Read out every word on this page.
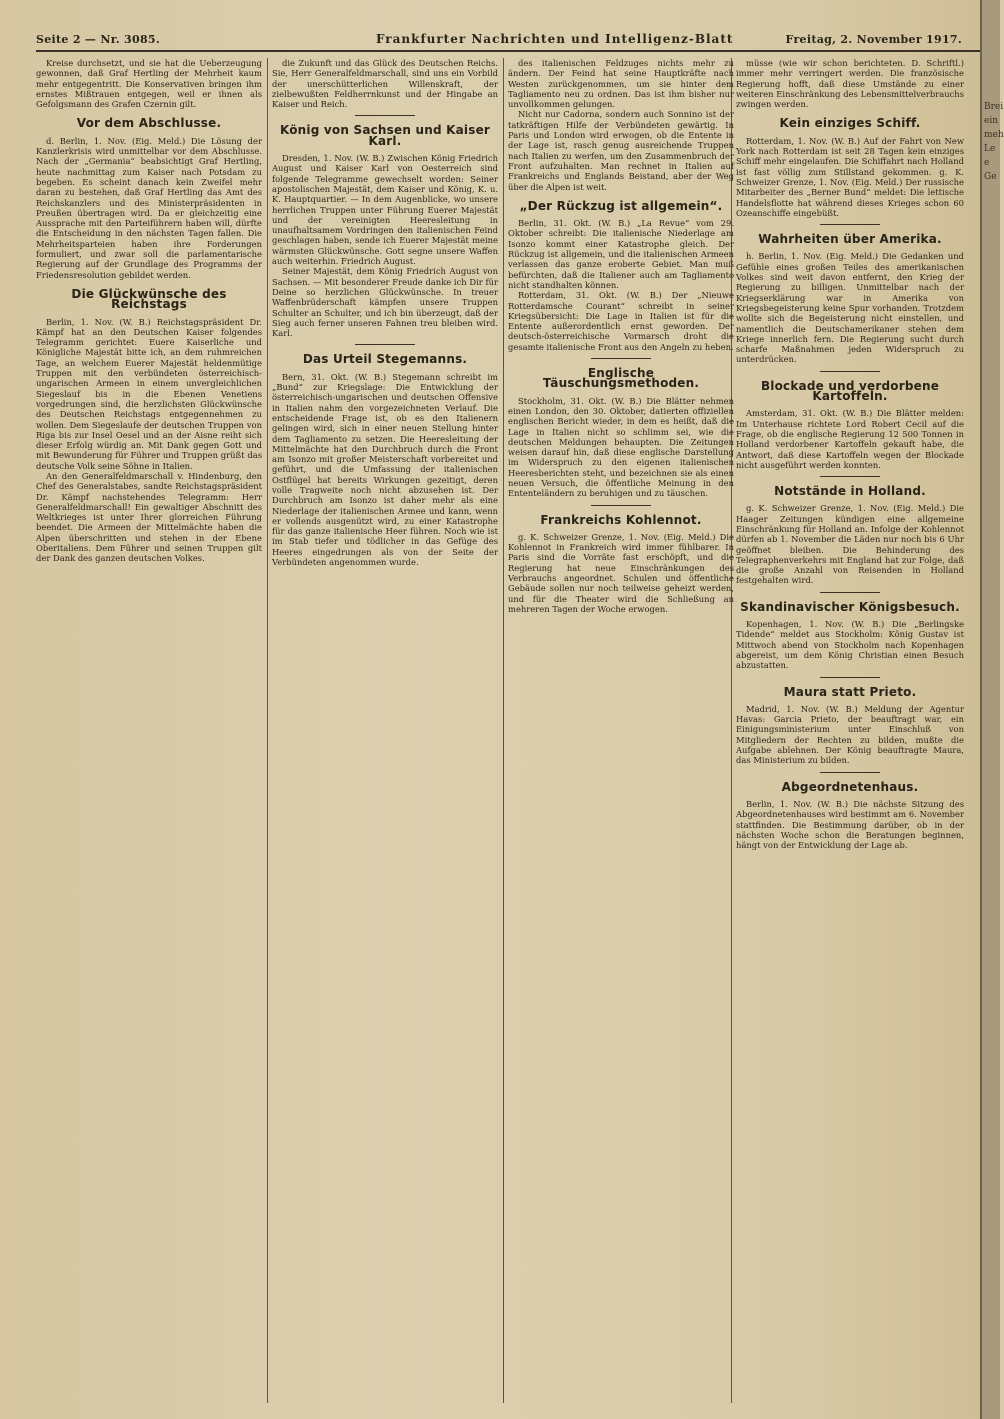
Seite 2 — Nr. 3085.	Frankfurter Nachrichten und Intelligenz-Blatt	Freitag, 2. November 1917.

Kreise durchsetzt, und sie hat die Ueberzeugung gewonnen, daß Graf Hertling der Mehrheit kaum mehr entgegentritt. Die Konservativen bringen ihm ernstes Mißtrauen entgegen, weil er ihnen als Gefolgsmann des Grafen Czernin gilt.

Vor dem Abschlusse.

d. Berlin, 1. Nov. (Eig. Meld.) Die Lösung der Kanzlerkrisis wird unmittelbar vor dem Abschlusse. Nach der „Germania“ beabsichtigt Graf Hertling, heute nachmittag zum Kaiser nach Potsdam zu begeben. Es scheint danach kein Zweifel mehr daran zu bestehen, daß Graf Hertling das Amt des Reichskanzlers und des Ministerpräsidenten in Preußen übertragen wird. Da er gleichzeitig eine Aussprache mit den Parteiführern haben will, dürfte die Entscheidung in den nächsten Tagen fallen. Die Mehrheitsparteien haben ihre Forderungen formuliert, und zwar soll die parlamentarische Regierung auf der Grundlage des Programms der Friedensresolution gebildet werden.

Die Glückwünsche des Reichstags

Berlin, 1. Nov. (W. B.) Reichstagspräsident Dr. Kämpf hat an den Deutschen Kaiser folgendes Telegramm gerichtet: Euere Kaiserliche und Königliche Majestät bitte ich, an dem ruhmreichen Tage, an welchem Euerer Majestät heldenmütige Truppen mit den verbündeten österreichisch-ungarischen Armeen in einem unvergleichlichen Siegeslauf bis in die Ebenen Venetiens vorgedrungen sind, die herzlichsten Glückwünsche des Deutschen Reichstags entgegennehmen zu wollen. Dem Siegeslaufe der deutschen Truppen von Riga bis zur Insel Oesel und an der Aisne reiht sich dieser Erfolg würdig an. Mit Dank gegen Gott und mit Bewunderung für Führer und Truppen grüßt das deutsche Volk seine Söhne in Italien.

An den Generalfeldmarschall v. Hindenburg, den Chef des Generalstabes, sandte Reichstagspräsident Dr. Kämpf nachstehendes Telegramm: Herr Generalfeldmarschall! Ein gewaltiger Abschnitt des Weltkrieges ist unter Ihrer glorreichen Führung beendet. Die Armeen der Mittelmächte haben die Alpen überschritten und stehen in der Ebene Oberitaliens. Dem Führer und seinen Truppen gilt der Dank des ganzen deutschen Volkes.

die Zukunft und das Glück des Deutschen Reichs. Sie, Herr Generalfeldmarschall, sind uns ein Vorbild der unerschütterlichen Willenskraft, der zielbewußten Feldherrnkunst und der Hingabe an Kaiser und Reich.

König von Sachsen und Kaiser Karl.

Dresden, 1. Nov. (W. B.) Zwischen König Friedrich August und Kaiser Karl von Oesterreich sind folgende Telegramme gewechselt worden: Seiner apostolischen Majestät, dem Kaiser und König, K. u. K. Hauptquartier. — In dem Augenblicke, wo unsere herrlichen Truppen unter Führung Euerer Majestät und der vereinigten Heeresleitung in unaufhaltsamem Vordringen den italienischen Feind geschlagen haben, sende ich Euerer Majestät meine wärmsten Glückwünsche. Gott segne unsere Waffen auch weiterhin. Friedrich August.

Seiner Majestät, dem König Friedrich August von Sachsen. — Mit besonderer Freude danke ich Dir für Deine so herzlichen Glückwünsche. In treuer Waffenbrüderschaft kämpfen unsere Truppen Schulter an Schulter, und ich bin überzeugt, daß der Sieg auch ferner unseren Fahnen treu bleiben wird. Karl.

Das Urteil Stegemanns.

Bern, 31. Okt. (W. B.) Stegemann schreibt im „Bund“ zur Kriegslage: Die Entwicklung der österreichisch-ungarischen und deutschen Offensive in Italien nahm den vorgezeichneten Verlauf. Die entscheidende Frage ist, ob es den Italienern gelingen wird, sich in einer neuen Stellung hinter dem Tagliamento zu setzen. Die Heeresleitung der Mittelmächte hat den Durchbruch durch die Front am Isonzo mit großer Meisterschaft vorbereitet und geführt, und die Umfassung der italienischen Ostflügel hat bereits Wirkungen gezeitigt, deren volle Tragweite noch nicht abzusehen ist. Der Durchbruch am Isonzo ist daher mehr als eine Niederlage der italienischen Armee und kann, wenn er vollends ausgenützt wird, zu einer Katastrophe für das ganze italienische Heer führen. Noch wie ist im Stab tiefer und tödlicher in das Gefüge des Heeres eingedrungen als von der Seite der Verbündeten angenommen wurde.

des italienischen Feldzuges nichts mehr zu ändern. Der Feind hat seine Hauptkräfte nach Westen zurückgenommen, um sie hinter dem Tagliamento neu zu ordnen. Das ist ihm bisher nur unvollkommen gelungen.

Nicht nur Cadorna, sondern auch Sonnino ist der tatkräftigen Hilfe der Verbündeten gewärtig. In Paris und London wird erwogen, ob die Entente in der Lage ist, rasch genug ausreichende Truppen nach Italien zu werfen, um den Zusammenbruch der Front aufzuhalten. Man rechnet in Italien auf Frankreichs und Englands Beistand, aber der Weg über die Alpen ist weit.

„Der Rückzug ist allgemein“.

Berlin, 31. Okt. (W. B.) „La Revue“ vom 29. Oktober schreibt: Die italienische Niederlage am Isonzo kommt einer Katastrophe gleich. Der Rückzug ist allgemein, und die italienischen Armeen verlassen das ganze eroberte Gebiet. Man muß befürchten, daß die Italiener auch am Tagliamento nicht standhalten können.

Rotterdam, 31. Okt. (W. B.) Der „Nieuwe Rotterdamsche Courant“ schreibt in seiner Kriegsübersicht: Die Lage in Italien ist für die Entente außerordentlich ernst geworden. Der deutsch-österreichische Vormarsch droht die gesamte italienische Front aus den Angeln zu heben.

Englische Täuschungsmethoden.

Stockholm, 31. Okt. (W. B.) Die Blätter nehmen einen London, den 30. Oktober, datierten offiziellen englischen Bericht wieder, in dem es heißt, daß die Lage in Italien nicht so schlimm sei, wie die deutschen Meldungen behaupten. Die Zeitungen weisen darauf hin, daß diese englische Darstellung im Widerspruch zu den eigenen italienischen Heeresberichten steht, und bezeichnen sie als einen neuen Versuch, die öffentliche Meinung in den Ententeländern zu beruhigen und zu täuschen.

Frankreichs Kohlennot.

g. K. Schweizer Grenze, 1. Nov. (Eig. Meld.) Die Kohlennot in Frankreich wird immer fühlbarer. In Paris sind die Vorräte fast erschöpft, und die Regierung hat neue Einschränkungen des Verbrauchs angeordnet. Schulen und öffentliche Gebäude sollen nur noch teilweise geheizt werden, und für die Theater wird die Schließung an mehreren Tagen der Woche erwogen.

müsse (wie wir schon berichteten. D. Schriftl.) immer mehr verringert werden. Die französische Regierung hofft, daß diese Umstände zu einer weiteren Einschränkung des Lebensmittelverbrauchs zwingen werden.

Kein einziges Schiff.

Rotterdam, 1. Nov. (W. B.) Auf der Fahrt von New York nach Rotterdam ist seit 28 Tagen kein einziges Schiff mehr eingelaufen. Die Schiffahrt nach Holland ist fast völlig zum Stillstand gekommen. g. K. Schweizer Grenze, 1. Nov. (Eig. Meld.) Der russische Mitarbeiter des „Berner Bund“ meldet: Die lettische Handelsflotte hat während dieses Krieges schon 60 Ozeanschiffe eingebüßt.

Wahrheiten über Amerika.

h. Berlin, 1. Nov. (Eig. Meld.) Die Gedanken und Gefühle eines großen Teiles des amerikanischen Volkes sind weit davon entfernt, den Krieg der Regierung zu billigen. Unmittelbar nach der Kriegserklärung war in Amerika von Kriegsbegeisterung keine Spur vorhanden. Trotzdem wollte sich die Begeisterung nicht einstellen, und namentlich die Deutschamerikaner stehen dem Kriege innerlich fern. Die Regierung sucht durch scharfe Maßnahmen jeden Widerspruch zu unterdrücken.

Blockade und verdorbene Kartoffeln.

Amsterdam, 31. Okt. (W. B.) Die Blätter melden: Im Unterhause richtete Lord Robert Cecil auf die Frage, ob die englische Regierung 12 500 Tonnen in Holland verdorbener Kartoffeln gekauft habe, die Antwort, daß diese Kartoffeln wegen der Blockade nicht ausgeführt werden konnten.

Notstände in Holland.

g. K. Schweizer Grenze, 1. Nov. (Eig. Meld.) Die Haager Zeitungen kündigen eine allgemeine Einschränkung für Holland an. Infolge der Kohlennot dürfen ab 1. November die Läden nur noch bis 6 Uhr geöffnet bleiben. Die Behinderung des Telegraphenverkehrs mit England hat zur Folge, daß die große Anzahl von Reisenden in Holland festgehalten wird.

Skandinavischer Königsbesuch.

Kopenhagen, 1. Nov. (W. B.) Die „Berlingske Tidende“ meldet aus Stockholm: König Gustav ist Mittwoch abend von Stockholm nach Kopenhagen abgereist, um dem König Christian einen Besuch abzustatten.

Maura statt Prieto.

Madrid, 1. Nov. (W. B.) Meldung der Agentur Havas: Garcia Prieto, der beauftragt war, ein Einigungsministerium unter Einschluß von Mitgliedern der Rechten zu bilden, mußte die Aufgabe ablehnen. Der König beauftragte Maura, das Ministerium zu bilden.

Abgeordnetenhaus.

Berlin, 1. Nov. (W. B.) Die nächste Sitzung des Abgeordnetenhauses wird bestimmt am 6. November stattfinden. Die Bestimmung darüber, ob in der nächsten Woche schon die Beratungen beginnen, hängt von der Entwicklung der Lage ab.

Brei ein meh Le e Ge
